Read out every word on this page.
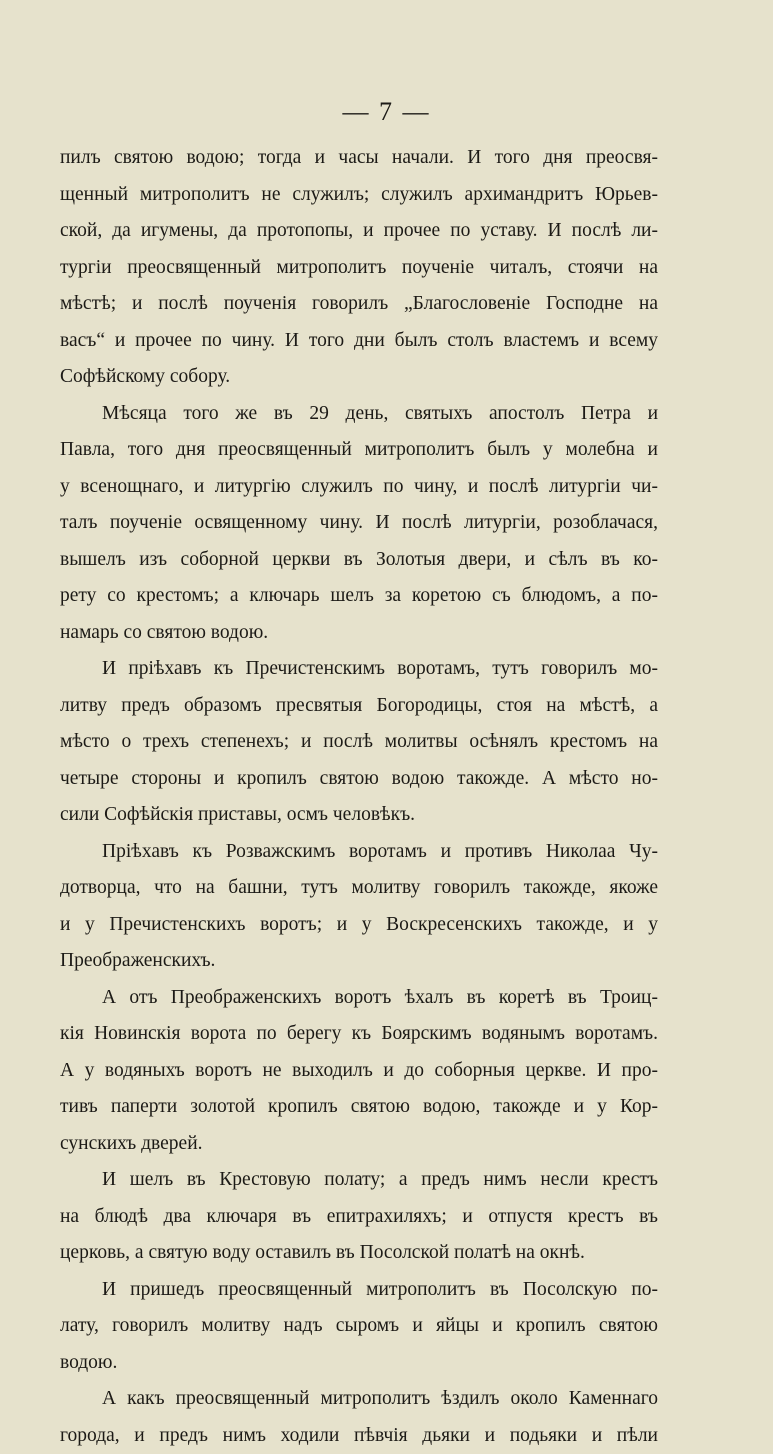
— 7 —
пилъ святою водою; тогда и часы начали. И того дня преосвя-
щенный митрополитъ не служилъ; служилъ архимандритъ Юрьев-
ской, да игумены, да протопопы, и прочее по уставу. И послѣ ли-
тургіи преосвященный митрополитъ поученіе читалъ, стоячи на
мѣстѣ; и послѣ поученія говорилъ „Благословеніе Господне на
васъ“ и прочее по чину. И того дни былъ столъ властемъ и всему
Софѣйскому собору.
Мѣсяца того же въ 29 день, святыхъ апостолъ Петра и
Павла, того дня преосвященный митрополитъ былъ у молебна и
у всенощнаго, и литургію служилъ по чину, и послѣ литургіи чи-
талъ поученіе освященному чину. И послѣ литургіи, розоблачася,
вышелъ изъ соборной церкви въ Золотыя двери, и сѣлъ въ ко-
рету со крестомъ; а ключарь шелъ за коретою съ блюдомъ, а по-
намарь со святою водою.
И пріѣхавъ къ Пречистенскимъ воротамъ, тутъ говорилъ мо-
литву предъ образомъ пресвятыя Богородицы, стоя на мѣстѣ, а
мѣсто о трехъ степенехъ; и послѣ молитвы осѣнялъ крестомъ на
четыре стороны и кропилъ святою водою такожде. А мѣсто но-
сили Софѣйскія приставы, осмъ человѣкъ.
Пріѣхавъ къ Розважскимъ воротамъ и противъ Николаа Чу-
дотворца, что на башни, тутъ молитву говорилъ такожде, якоже
и у Пречистенскихъ воротъ; и у Воскресенскихъ такожде, и у
Преображенскихъ.
А отъ Преображенскихъ воротъ ѣхалъ въ коретѣ въ Троиц-
кія Новинскія ворота по берегу къ Боярскимъ водянымъ воротамъ.
А у водяныхъ воротъ не выходилъ и до соборныя церкве. И про-
тивъ паперти золотой кропилъ святою водою, такожде и у Кор-
сунскихъ дверей.
И шелъ въ Крестовую полату; а предъ нимъ несли крестъ
на блюдѣ два ключаря въ епитрахиляхъ; и отпустя крестъ въ
церковь, а святую воду оставилъ въ Посолской полатѣ на окнѣ.
И пришедъ преосвященный митрополитъ въ Посолскую по-
лату, говорилъ молитву надъ сыромъ и яйцы и кропилъ святою
водою.
А какъ преосвященный митрополитъ ѣздилъ около Каменнаго
города, и предъ нимъ ходили пѣвчія дьяки и подьяки и пѣли
